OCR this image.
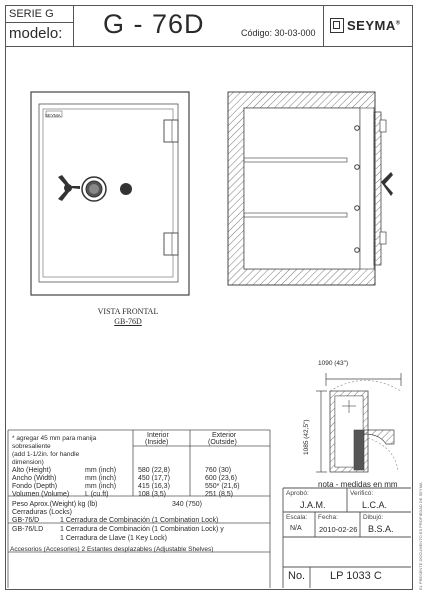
SERIE G
modelo: G - 76D	Código: 30-03-000 SEYMA®
1090 (43")
1085 (42,5")
SEYMA
VISTA FRONTAL
GB-76D
nota - medidas en mm
* agregar 45 mm para manija
sobresaliente
(add 1-1/2in. for handle
dimension)
Interior
(Inside)
Exterior
(Outside)
Alto (Height)	mm (inch)	580 (22,8)	760 (30)
Ancho (Width)	mm (inch)	450 (17,7)	600 (23,6)
Fondo (Depth)	mm (inch)	415 (16,3)	550* (21,6)
Volumen (Volume) L (cu.ft)	108 (3,5)	251 (8,5)
Peso Aprox.(Weight) kg (lb)	340 (750)
Cerraduras (Locks)
GB-76/D	1 Cerradura de Combinación (1 Combination Lock)
GB-76/LD 1 Cerradura de Combinación (1 Combination Lock) y
1 Cerradura de Llave (1 Key Lock)
Accesorios (Accesories) 2 Estantes desplazables (Adjustable Shelves)
Aprobó:
J.A.M.
Verificó:
L.C.A.
Escala:
N/A
Fecha:
2010-02-26
Dibujó:
B.S.A.
No. LP 1033 C	EL PRESENTE DOCUMENTO ES PROPIEDAD DE SEYMA
